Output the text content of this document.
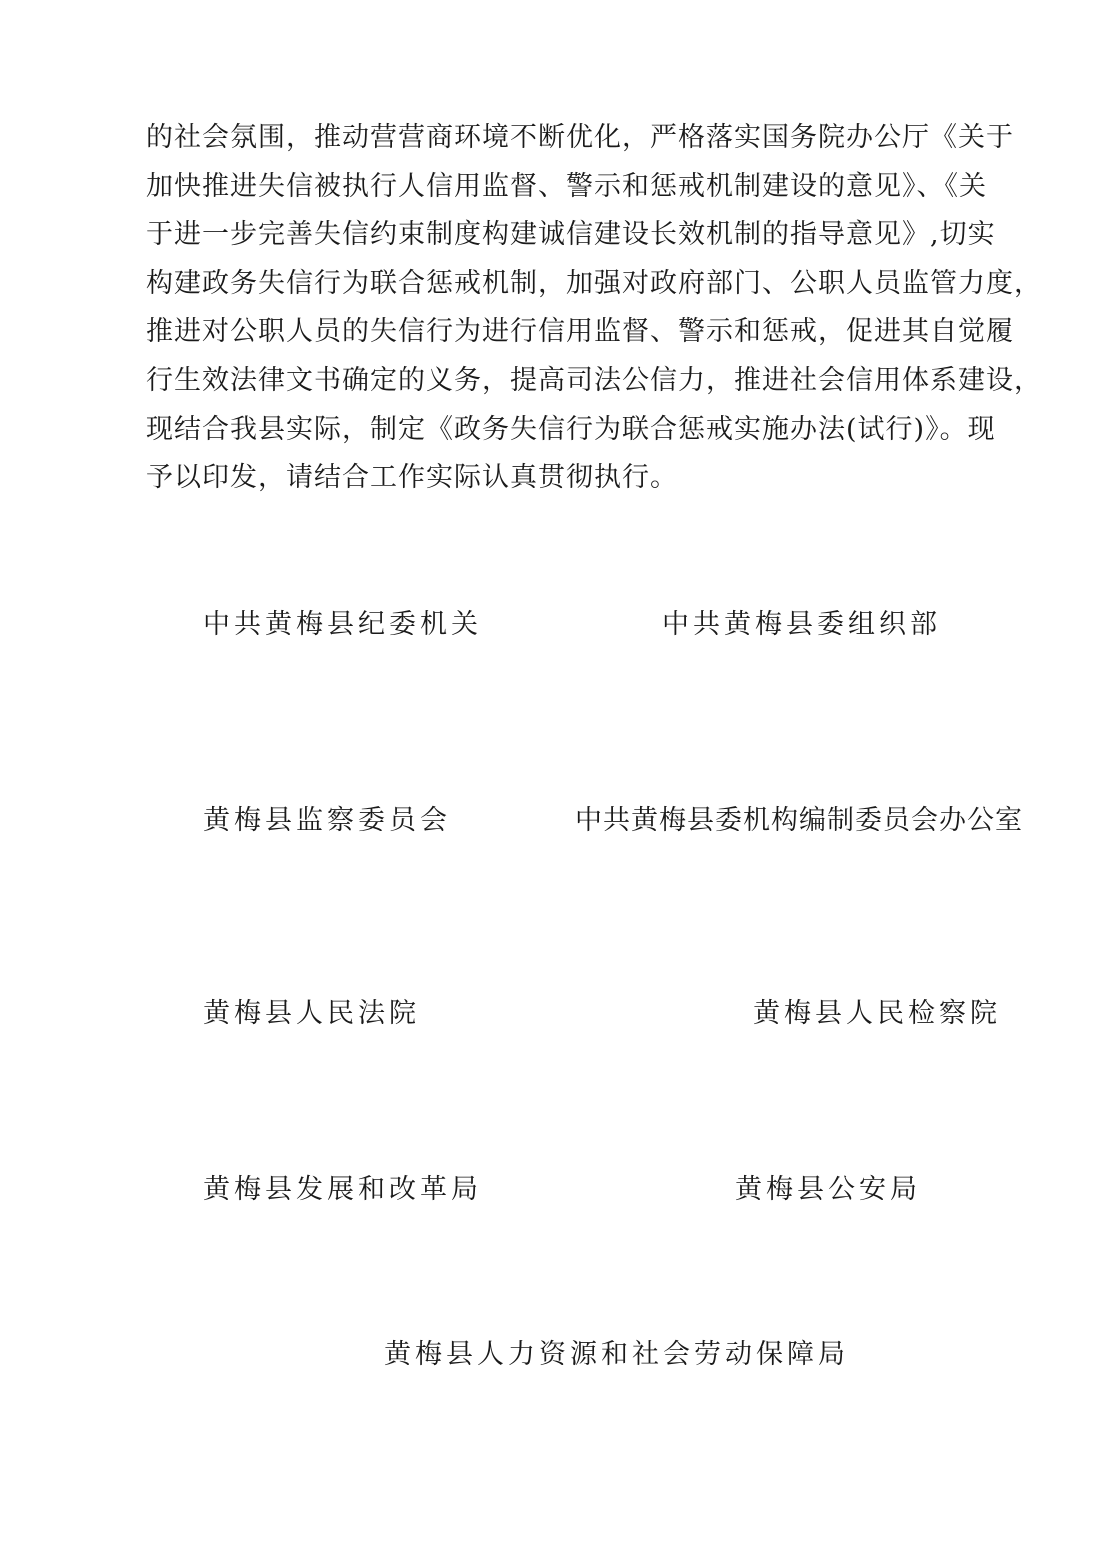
的社会氛围，推动营营商环境不断优化，严格落实国务院办公厅《关于
加快推进失信被执行人信用监督、警示和惩戒机制建设的意见》、《关
于进一步完善失信约束制度构建诚信建设长效机制的指导意见》,切实
构建政务失信行为联合惩戒机制，加强对政府部门、公职人员监管力度，
推进对公职人员的失信行为进行信用监督、警示和惩戒，促进其自觉履
行生效法律文书确定的义务，提高司法公信力，推进社会信用体系建设，
现结合我县实际，制定《政务失信行为联合惩戒实施办法(试行)》。现
予以印发，请结合工作实际认真贯彻执行。
中共黄梅县纪委机关	中共黄梅县委组织部
黄梅县监察委员会	中共黄梅县委机构编制委员会办公室
黄梅县人民法院	黄梅县人民检察院
黄梅县发展和改革局	黄梅县公安局
黄梅县人力资源和社会劳动保障局
